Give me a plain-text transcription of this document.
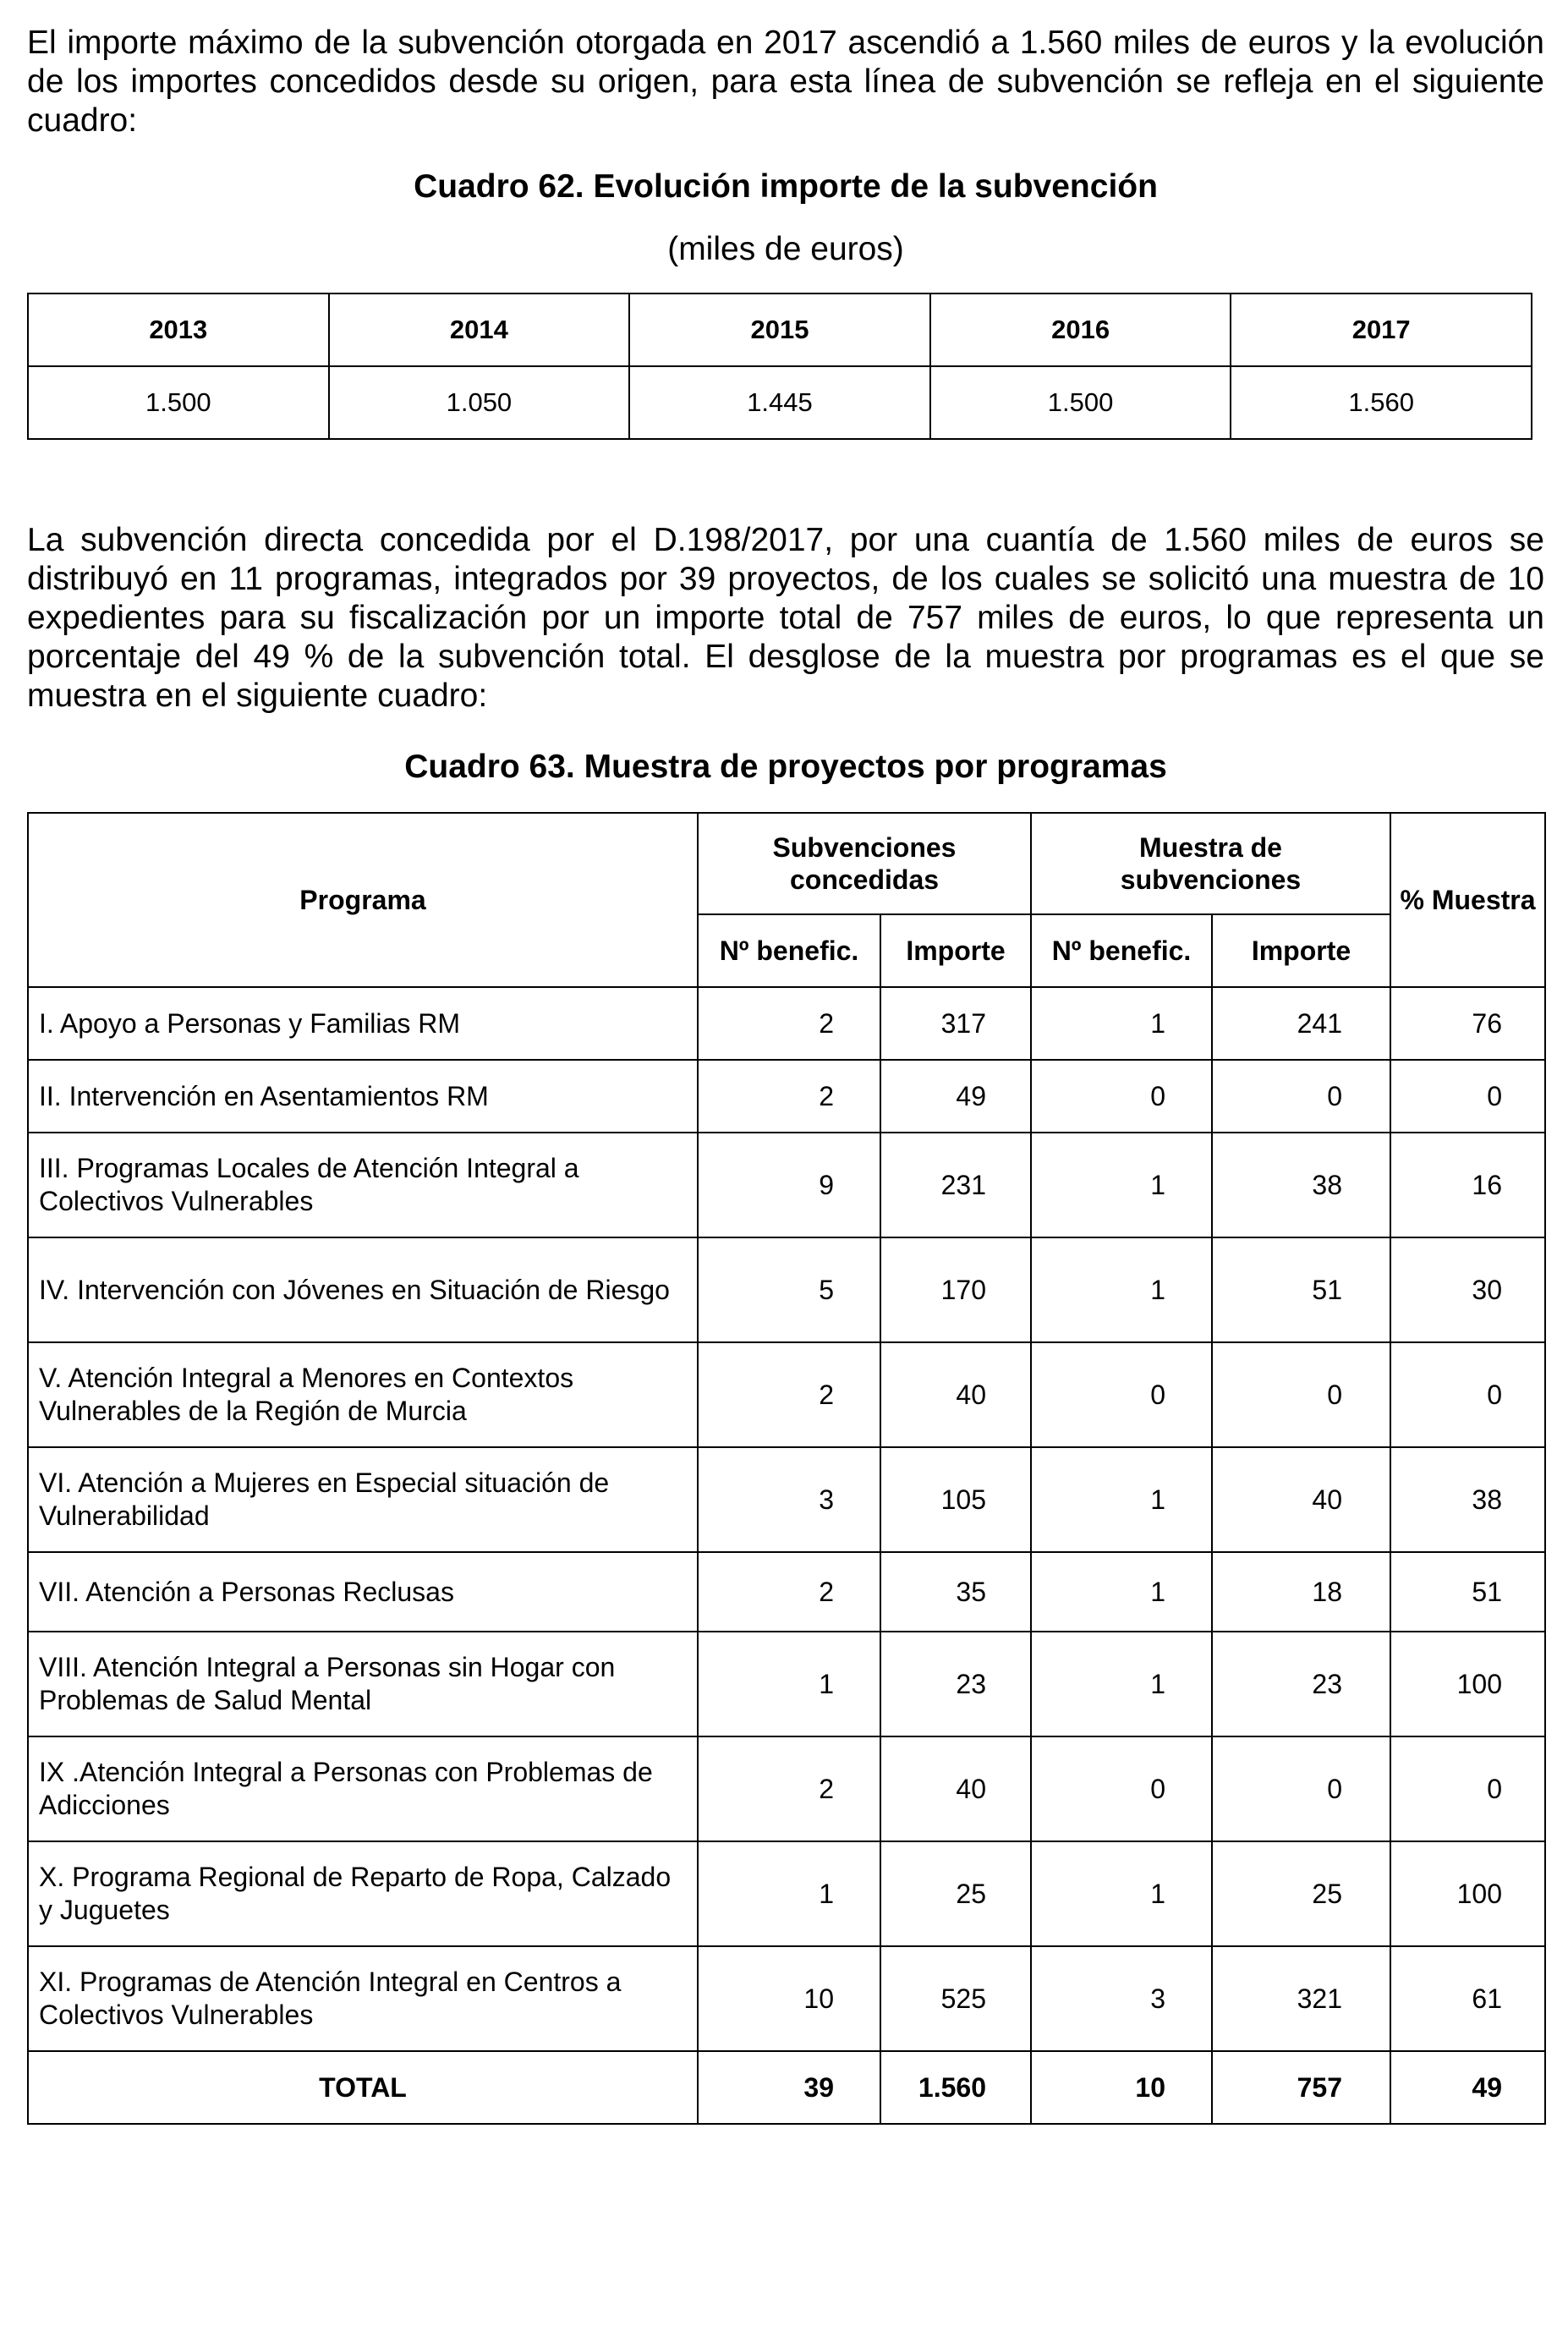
El importe máximo de la subvención otorgada en 2017 ascendió a 1.560 miles de euros y la evolución de los importes concedidos desde su origen, para esta línea de subvención se refleja en el siguiente cuadro:

Cuadro 62. Evolución importe de la subvención

(miles de euros)

2013	2014	2015	2016	2017
1.500	1.050	1.445	1.500	1.560

La subvención directa concedida por el D.198/2017, por una cuantía de 1.560 miles de euros se distribuyó en 11 programas, integrados por 39 proyectos, de los cuales se solicitó una muestra de 10 expedientes para su fiscalización por un importe total de 757 miles de euros, lo que representa un porcentaje del 49 % de la subvención total. El desglose de la muestra por programas es el que se muestra en el siguiente cuadro:

Cuadro 63. Muestra de proyectos por programas

Programa	Subvenciones concedidas		Muestra de subvenciones		% Muestra
	Nº benefic.	Importe	Nº benefic.	Importe	
I. Apoyo a Personas y Familias RM	2	317	1	241	76
II. Intervención en Asentamientos RM	2	49	0	0	0
III. Programas Locales de Atención Integral a Colectivos Vulnerables	9	231	1	38	16
IV. Intervención con Jóvenes en Situación de Riesgo	5	170	1	51	30
V. Atención Integral a Menores en Contextos Vulnerables de la Región de Murcia	2	40	0	0	0
VI. Atención a Mujeres en Especial situación de Vulnerabilidad	3	105	1	40	38
VII. Atención a Personas Reclusas	2	35	1	18	51
VIII. Atención Integral a Personas sin Hogar con Problemas de Salud Mental	1	23	1	23	100
IX .Atención Integral a Personas con Problemas de Adicciones	2	40	0	0	0
X. Programa Regional de Reparto de Ropa, Calzado y Juguetes	1	25	1	25	100
XI. Programas de Atención Integral en Centros a Colectivos Vulnerables	10	525	3	321	61
TOTAL	39	1.560	10	757	49
